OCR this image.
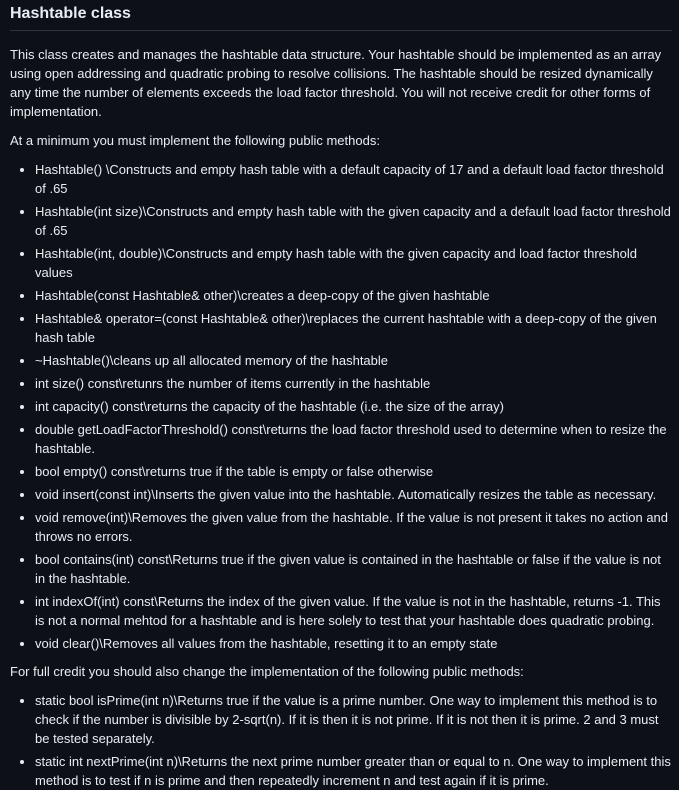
Hashtable class

This class creates and manages the hashtable data structure. Your hashtable should be implemented as an array using open addressing and quadratic probing to resolve collisions. The hashtable should be resized dynamically any time the number of elements exceeds the load factor threshold. You will not receive credit for other forms of implementation.

At a minimum you must implement the following public methods:

• Hashtable() \Constructs and empty hash table with a default capacity of 17 and a default load factor threshold of .65
• Hashtable(int size)\Constructs and empty hash table with the given capacity and a default load factor threshold of .65
• Hashtable(int, double)\Constructs and empty hash table with the given capacity and load factor threshold values
• Hashtable(const Hashtable& other)\creates a deep-copy of the given hashtable
• Hashtable& operator=(const Hashtable& other)\replaces the current hashtable with a deep-copy of the given hash table
• ~Hashtable()\cleans up all allocated memory of the hashtable
• int size() const\retunrs the number of items currently in the hashtable
• int capacity() const\returns the capacity of the hashtable (i.e. the size of the array)
• double getLoadFactorThreshold() const\returns the load factor threshold used to determine when to resize the hashtable.
• bool empty() const\returns true if the table is empty or false otherwise
• void insert(const int)\Inserts the given value into the hashtable. Automatically resizes the table as necessary.
• void remove(int)\Removes the given value from the hashtable. If the value is not present it takes no action and throws no errors.
• bool contains(int) const\Returns true if the given value is contained in the hashtable or false if the value is not in the hashtable.
• int indexOf(int) const\Returns the index of the given value. If the value is not in the hashtable, returns -1. This is not a normal mehtod for a hashtable and is here solely to test that your hashtable does quadratic probing.
• void clear()\Removes all values from the hashtable, resetting it to an empty state

For full credit you should also change the implementation of the following public methods:

• static bool isPrime(int n)\Returns true if the value is a prime number. One way to implement this method is to check if the number is divisible by 2-sqrt(n). If it is then it is not prime. If it is not then it is prime. 2 and 3 must be tested separately.
• static int nextPrime(int n)\Returns the next prime number greater than or equal to n. One way to implement this method is to test if n is prime and then repeatedly increment n and test again if it is prime.
